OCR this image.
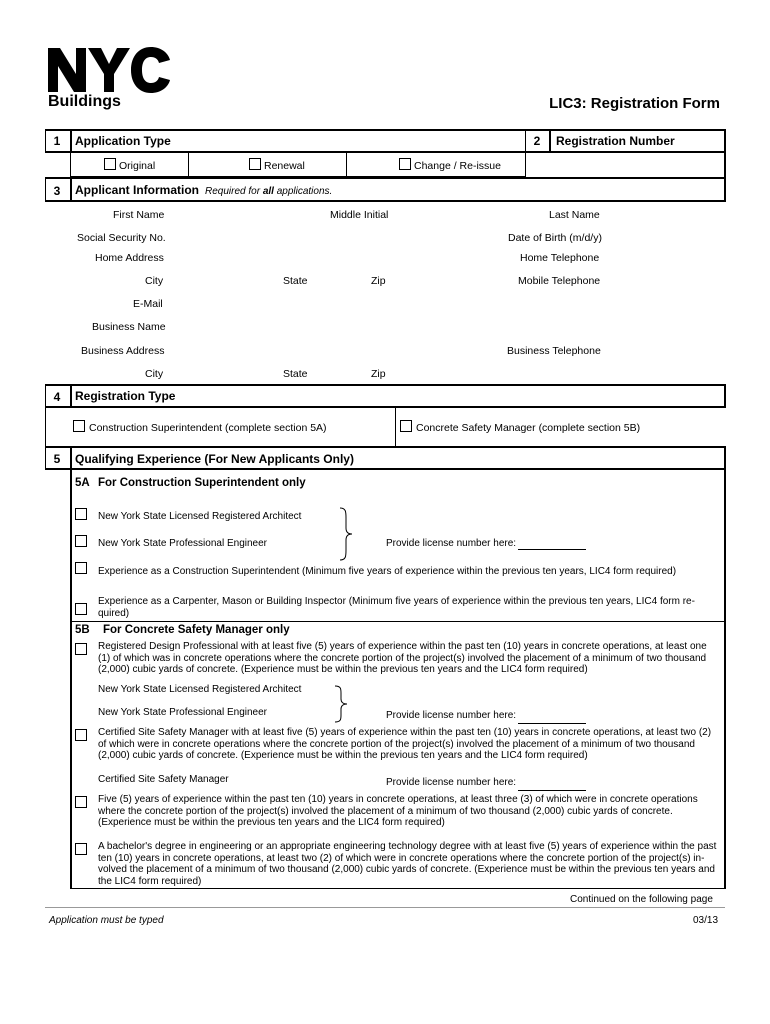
Buildings	LIC3: Registration Form
1	Application Type	2	Registration Number
Original	Renewal	Change / Re-issue
3	Applicant Information Required for all applications.
First Name	Middle Initial	Last Name
Social Security No.	Date of Birth (m/d/y)
Home Address	Home Telephone
City	State	Zip	Mobile Telephone
E-Mail
Business Name
Business Address	Business Telephone
City	State	Zip
4	Registration Type
Construction Superintendent (complete section 5A)	Concrete Safety Manager (complete section 5B)
5	Qualifying Experience (For New Applicants Only)
5A For Construction Superintendent only
New York State Licensed Registered Architect
New York State Professional Engineer	Provide license number here:
Experience as a Construction Superintendent (Minimum five years of experience within the previous ten years, LIC4 form required)
Experience as a Carpenter, Mason or Building Inspector (Minimum five years of experience within the previous ten years, LIC4 form re-
quired)
5B For Concrete Safety Manager only
Registered Design Professional with at least five (5) years of experience within the past ten (10) years in concrete operations, at least one
(1) of which was in concrete operations where the concrete portion of the project(s) involved the placement of a minimum of two thousand
(2,000) cubic yards of concrete. (Experience must be within the previous ten years and the LIC4 form required)
New York State Licensed Registered Architect
New York State Professional Engineer	Provide license number here:
Certified Site Safety Manager with at least five (5) years of experience within the past ten (10) years in concrete operations, at least two (2)
of which were in concrete operations where the concrete portion of the project(s) involved the placement of a minimum of two thousand
(2,000) cubic yards of concrete. (Experience must be within the previous ten years and the LIC4 form required)
Certified Site Safety Manager	Provide license number here:
Five (5) years of experience within the past ten (10) years in concrete operations, at least three (3) of which were in concrete operations
where the concrete portion of the project(s) involved the placement of a minimum of two thousand (2,000) cubic yards of concrete.
(Experience must be within the previous ten years and the LIC4 form required)
A bachelor's degree in engineering or an appropriate engineering technology degree with at least five (5) years of experience within the past
ten (10) years in concrete operations, at least two (2) of which were in concrete operations where the concrete portion of the project(s) in-
volved the placement of a minimum of two thousand (2,000) cubic yards of concrete. (Experience must be within the previous ten years and
the LIC4 form required)
Continued on the following page
Application must be typed	03/13
